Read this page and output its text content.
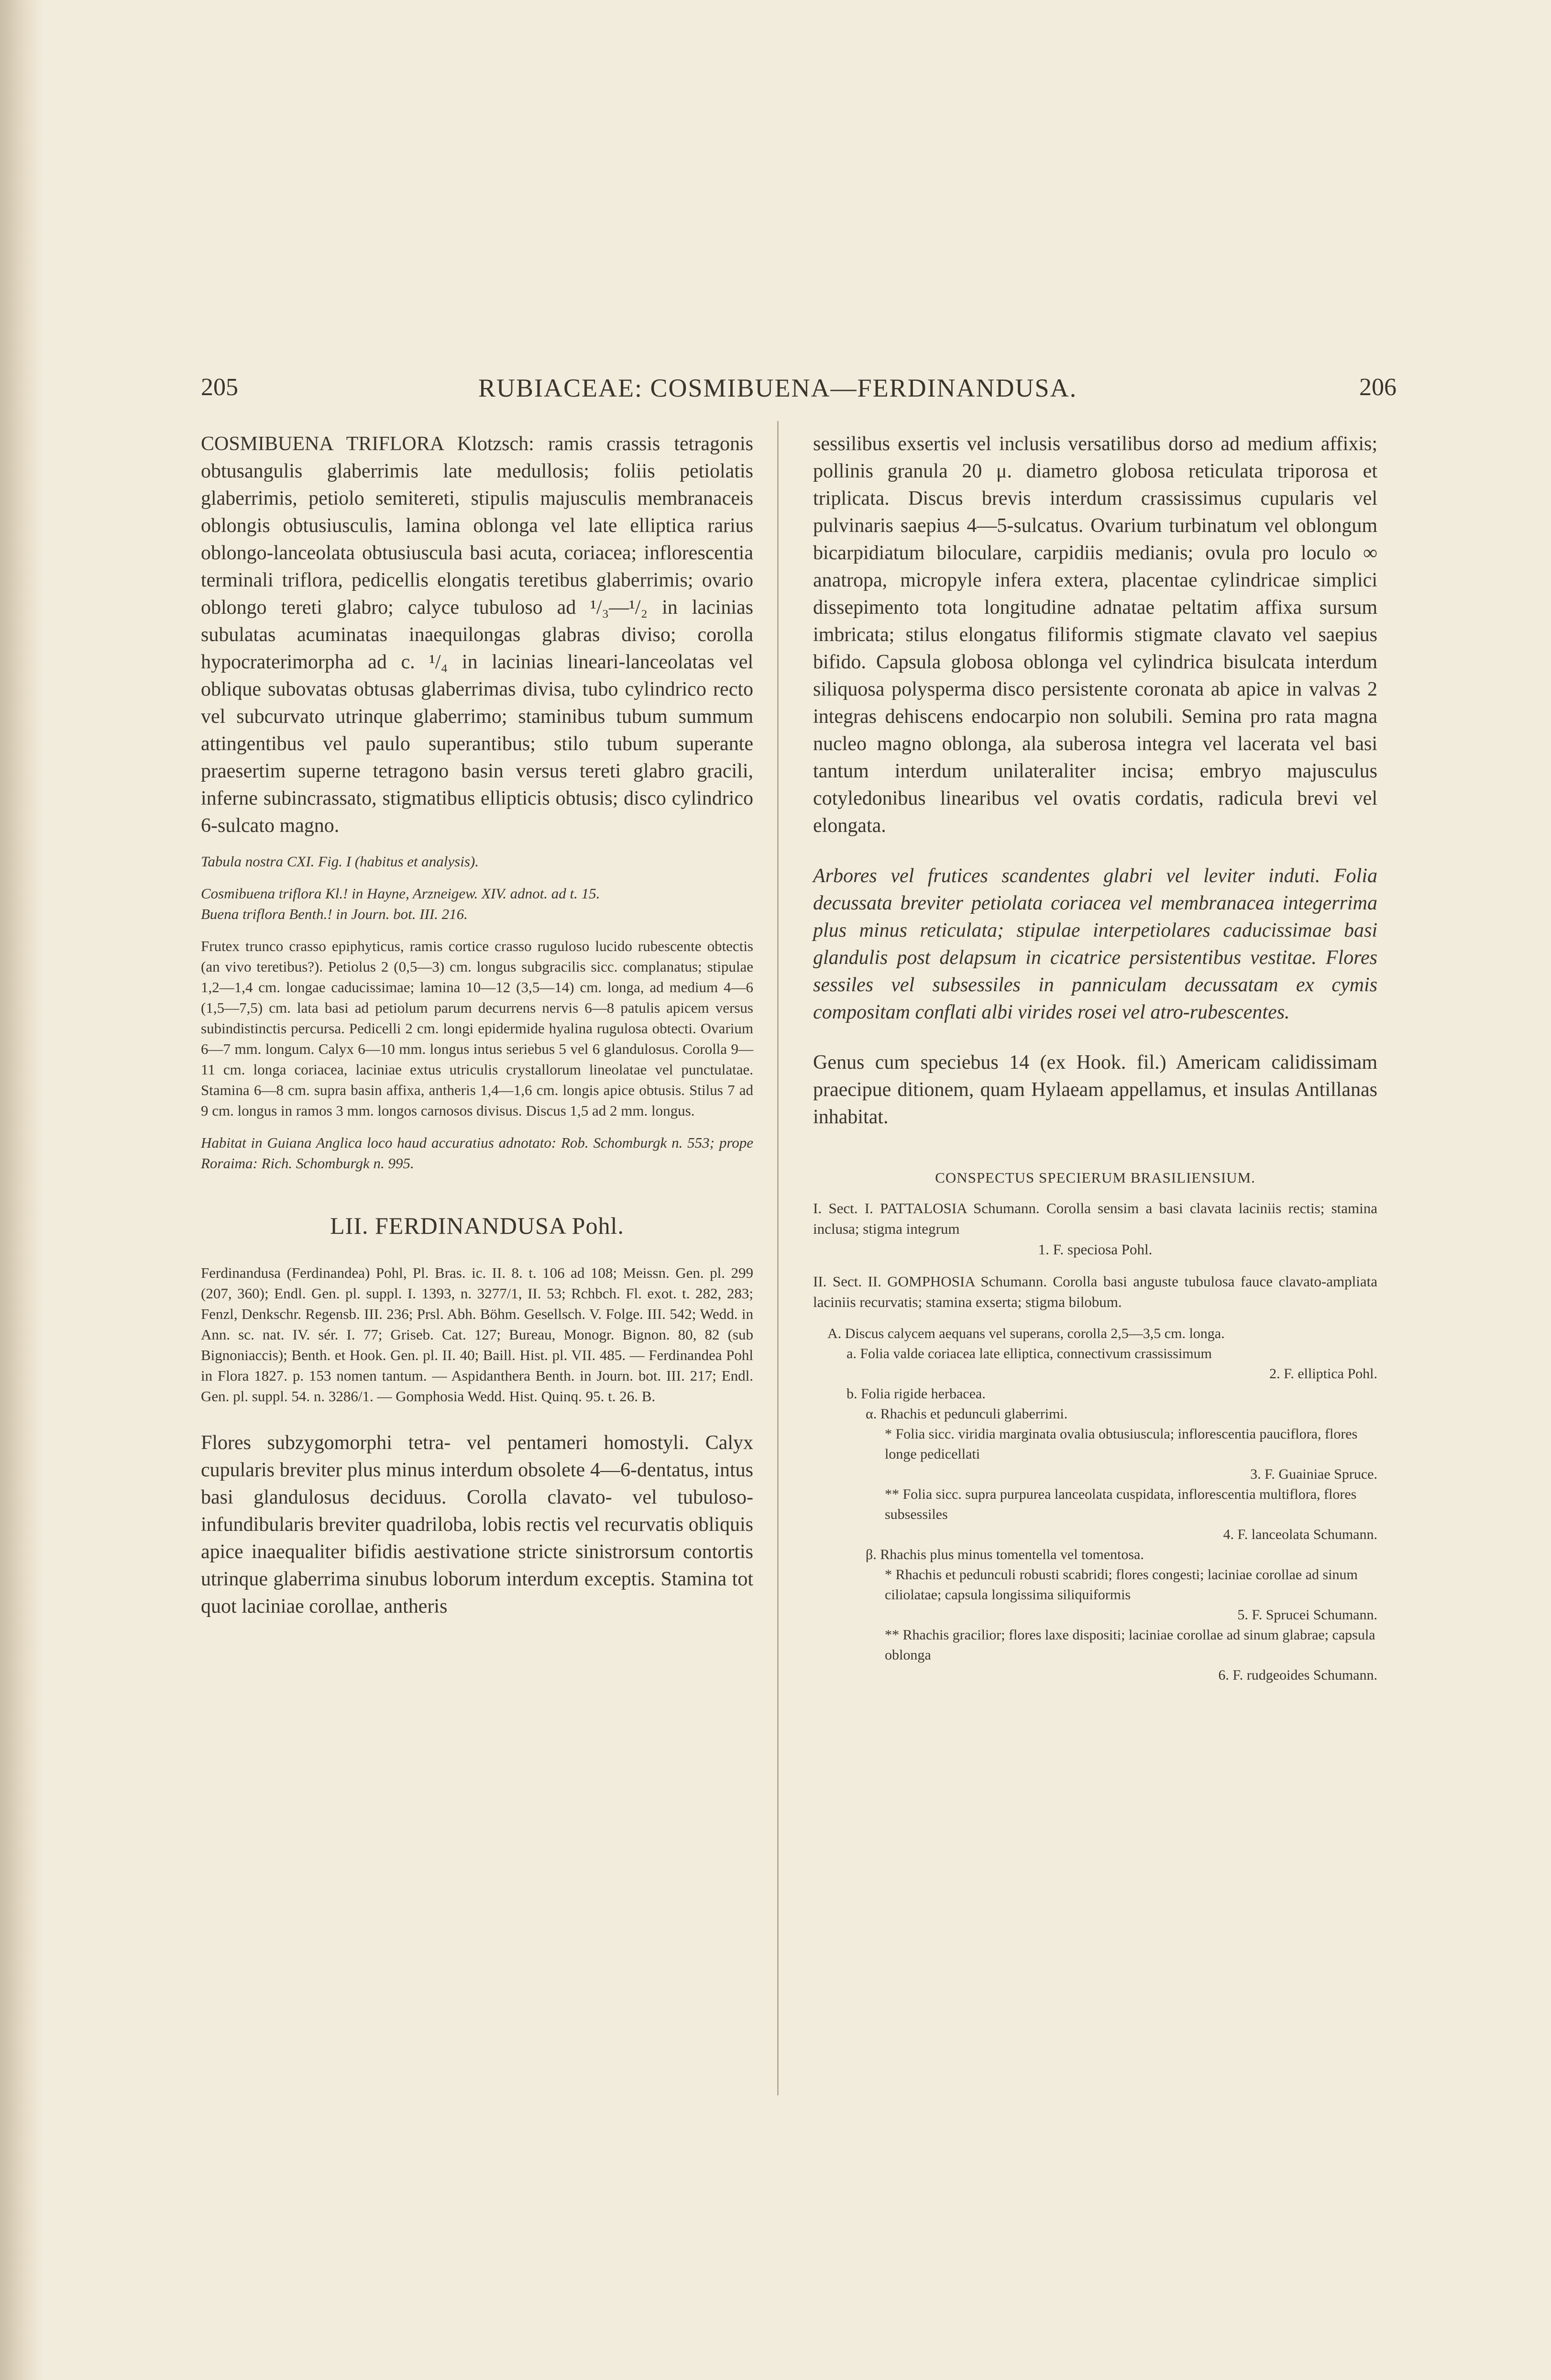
205	RUBIACEAE: COSMIBUENA—FERDINANDUSA.	206

COSMIBUENA TRIFLORA Klotzsch: ramis crassis tetragonis obtusangulis glaberrimis late medullosis; foliis petiolatis glaberrimis, petiolo semitereti, stipulis majusculis membranaceis oblongis obtusiusculis, lamina oblonga vel late elliptica rarius oblongo-lanceolata obtusiuscula basi acuta, coriacea; inflorescentia terminali triflora, pedicellis elongatis teretibus glaberrimis; ovario oblongo tereti glabro; calyce tubuloso ad ¹/₃—¹/₂ in lacinias subulatas acuminatas inaequilongas glabras diviso; corolla hypocraterimorpha ad c. ¹/₄ in lacinias lineari-lanceolatas vel oblique subovatas obtusas glaberrimas divisa, tubo cylindrico recto vel subcurvato utrinque glaberrimo; staminibus tubum summum attingentibus vel paulo superantibus; stilo tubum superante praesertim superne tetragono basin versus tereti glabro gracili, inferne subincrassato, stigmatibus ellipticis obtusis; disco cylindrico 6-sulcato magno.

Tabula nostra CXI. Fig. I (habitus et analysis).

Cosmibuena triflora Kl.! in Hayne, Arzneigew. XIV. adnot. ad t. 15.

Buena triflora Benth.! in Journ. bot. III. 216.

Frutex trunco crasso epiphyticus, ramis cortice crasso ruguloso lucido rubescente obtectis (an vivo teretibus?). Petiolus 2 (0,5—3) cm. longus subgracilis sicc. complanatus; stipulae 1,2—1,4 cm. longae caducissimae; lamina 10—12 (3,5—14) cm. longa, ad medium 4—6 (1,5—7,5) cm. lata basi ad petiolum parum decurrens nervis 6—8 patulis apicem versus subindistinctis percursa. Pedicelli 2 cm. longi epidermide hyalina rugulosa obtecti. Ovarium 6—7 mm. longum. Calyx 6—10 mm. longus intus seriebus 5 vel 6 glandulosus. Corolla 9—11 cm. longa coriacea, laciniae extus utriculis crystallorum lineolatae vel punctulatae. Stamina 6—8 cm. supra basin affixa, antheris 1,4—1,6 cm. longis apice obtusis. Stilus 7 ad 9 cm. longus in ramos 3 mm. longos carnosos divisus. Discus 1,5 ad 2 mm. longus.

Habitat in Guiana Anglica loco haud accuratius adnotato: Rob. Schomburgk n. 553; prope Roraima: Rich. Schomburgk n. 995.

LII. FERDINANDUSA Pohl.

Ferdinandusa (Ferdinandea) Pohl, Pl. Bras. ic. II. 8. t. 106 ad 108; Meissn. Gen. pl. 299 (207, 360); Endl. Gen. pl. suppl. I. 1393, n. 3277/1, II. 53; Rchbch. Fl. exot. t. 282, 283; Fenzl, Denkschr. Regensb. III. 236; Prsl. Abh. Böhm. Gesellsch. V. Folge. III. 542; Wedd. in Ann. sc. nat. IV. sér. I. 77; Griseb. Cat. 127; Bureau, Monogr. Bignon. 80, 82 (sub Bignoniaccis); Benth. et Hook. Gen. pl. II. 40; Baill. Hist. pl. VII. 485. — Ferdinandea Pohl in Flora 1827. p. 153 nomen tantum. — Aspidanthera Benth. in Journ. bot. III. 217; Endl. Gen. pl. suppl. 54. n. 3286/1. — Gomphosia Wedd. Hist. Quinq. 95. t. 26. B.

Flores subzygomorphi tetra- vel pentameri homostyli. Calyx cupularis breviter plus minus interdum obsolete 4—6-dentatus, intus basi glandulosus deciduus. Corolla clavato- vel tubuloso-infundibularis breviter quadriloba, lobis rectis vel recurvatis obliquis apice inaequaliter bifidis aestivatione stricte sinistrorsum contortis utrinque glaberrima sinubus loborum interdum exceptis. Stamina tot quot laciniae corollae, antheris

sessilibus exsertis vel inclusis versatilibus dorso ad medium affixis; pollinis granula 20 μ. diametro globosa reticulata triporosa et triplicata. Discus brevis interdum crassissimus cupularis vel pulvinaris saepius 4—5-sulcatus. Ovarium turbinatum vel oblongum bicarpidiatum biloculare, carpidiis medianis; ovula pro loculo ∞ anatropa, micropyle infera extera, placentae cylindricae simplici dissepimento tota longitudine adnatae peltatim affixa sursum imbricata; stilus elongatus filiformis stigmate clavato vel saepius bifido. Capsula globosa oblonga vel cylindrica bisulcata interdum siliquosa polysperma disco persistente coronata ab apice in valvas 2 integras dehiscens endocarpio non solubili. Semina pro rata magna nucleo magno oblonga, ala suberosa integra vel lacerata vel basi tantum interdum unilateraliter incisa; embryo majusculus cotyledonibus linearibus vel ovatis cordatis, radicula brevi vel elongata.

Arbores vel frutices scandentes glabri vel leviter induti. Folia decussata breviter petiolata coriacea vel membranacea integerrima plus minus reticulata; stipulae interpetiolares caducissimae basi glandulis post delapsum in cicatrice persistentibus vestitae. Flores sessiles vel subsessiles in panniculam decussatam ex cymis compositam conflati albi virides rosei vel atro-rubescentes.

Genus cum speciebus 14 (ex Hook. fil.) Americam calidissimam praecipue ditionem, quam Hylaeam appellamus, et insulas Antillanas inhabitat.

CONSPECTUS SPECIERUM BRASILIENSIUM.

I. Sect. I. PATTALOSIA Schumann. Corolla sensim a basi clavata laciniis rectis; stamina inclusa; stigma integrum

1. F. speciosa Pohl.

II. Sect. II. GOMPHOSIA Schumann. Corolla basi anguste tubulosa fauce clavato-ampliata laciniis recurvatis; stamina exserta; stigma bilobum.

A. Discus calycem aequans vel superans, corolla 2,5—3,5 cm. longa.

a. Folia valde coriacea late elliptica, connectivum crassissimum

2. F. elliptica Pohl.

b. Folia rigide herbacea.

α. Rhachis et pedunculi glaberrimi.

* Folia sicc. viridia marginata ovalia obtusiuscula; inflorescentia pauciflora, flores longe pedicellati

3. F. Guainiae Spruce.

** Folia sicc. supra purpurea lanceolata cuspidata, inflorescentia multiflora, flores subsessiles

4. F. lanceolata Schumann.

β. Rhachis plus minus tomentella vel tomentosa.

* Rhachis et pedunculi robusti scabridi; flores congesti; laciniae corollae ad sinum ciliolatae; capsula longissima siliquiformis

5. F. Sprucei Schumann.

** Rhachis gracilior; flores laxe dispositi; laciniae corollae ad sinum glabrae; capsula oblonga

6. F. rudgeoides Schumann.
